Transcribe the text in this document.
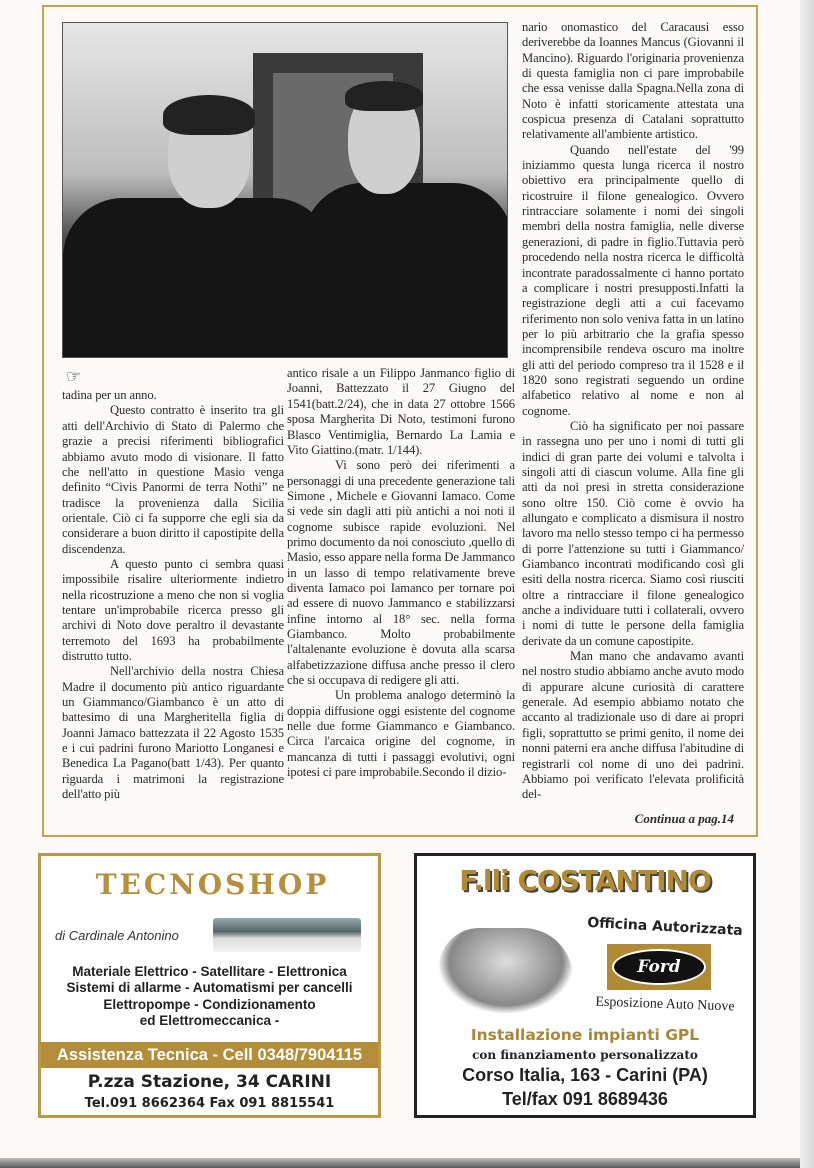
☞

tadina per un anno.

Questo contratto è inserito tra gli atti dell'Archivio di Stato di Palermo che grazie a precisi riferimenti bibliografici abbiamo avuto modo di visionare. Il fatto che nell'atto in questione Masio venga definito “Civis Panormi de terra Nothi” ne tradisce la provenienza dalla Sicilia orientale. Ciò ci fa supporre che egli sia da considerare a buon diritto il capostipite della discendenza.

A questo punto ci sembra quasi impossibile risalire ulteriormente indietro nella ricostruzione a meno che non si voglia tentare un'improbabile ricerca presso gli archivi di Noto dove peraltro il devastante terremoto del 1693 ha probabilmente distrutto tutto.

Nell'archivio della nostra Chiesa Madre il documento più antico riguardante un Giammanco/Giambanco è un atto di battesimo di una Margheritella figlia di Joanni Jamaco battezzata il 22 Agosto 1535 e i cui padrini furono Mariotto Longanesi e Benedica La Pagano(batt 1/43). Per quanto riguarda i matrimoni la registrazione dell'atto più

antico risale a un Filippo Janmanco figlio di Joanni, Battezzato il 27 Giugno del 1541(batt.2/24), che in data 27 ottobre 1566 sposa Margherita Di Noto, testimoni furono Blasco Ventimiglia, Bernardo La Lamia e Vito Giattino.(matr. 1/144).

Vi sono però dei riferimenti a personaggi di una precedente generazione tali Simone , Michele e Giovanni Iamaco. Come si vede sin dagli atti più antichi a noi noti il cognome subisce rapide evoluzioni. Nel primo documento da noi conosciuto ,quello di Masio, esso appare nella forma De Jammanco in un lasso di tempo relativamente breve diventa Iamaco poi Iamanco per tornare poi ad essere di nuovo Jammanco e stabilizzarsi infine intorno al 18° sec. nella forma Giambanco. Molto probabilmente l'altalenante evoluzione è dovuta alla scarsa alfabetizzazione diffusa anche presso il clero che si occupava di redigere gli atti.

Un problema analogo determinò la doppia diffusione oggi esistente del cognome nelle due forme Giammanco e Giambanco. Circa l'arcaica origine del cognome, in mancanza di tutti i passaggi evolutivi, ogni ipotesi ci pare improbabile.Secondo il dizio-

nario onomastico del Caracausi esso deriverebbe da Ioannes Mancus (Giovanni il Mancino). Riguardo l'originaria provenienza di questa famiglia non ci pare improbabile che essa venisse dalla Spagna.Nella zona di Noto è infatti storicamente attestata una cospicua presenza di Catalani soprattutto relativamente all'ambiente artistico.

Quando nell'estate del '99 iniziammo questa lunga ricerca il nostro obiettivo era principalmente quello di ricostruire il filone genealogico. Ovvero rintracciare solamente i nomi dei singoli membri della nostra famiglia, nelle diverse generazioni, di padre in figlio.Tuttavia però procedendo nella nostra ricerca le difficoltà incontrate paradossalmente ci hanno portato a complicare i nostri presupposti.Infatti la registrazione degli atti a cui facevamo riferimento non solo veniva fatta in un latino per lo più arbitrario che la grafia spesso incomprensibile rendeva oscuro ma inoltre gli atti del periodo compreso tra il 1528 e il 1820 sono registrati seguendo un ordine alfabetico relativo al nome e non al cognome.

Ciò ha significato per noi passare in rassegna uno per uno i nomi di tutti gli indici di gran parte dei volumi e talvolta i singoli atti di ciascun volume. Alla fine gli atti da noi presi in stretta considerazione sono oltre 150. Ciò come è ovvio ha allungato e complicato a dismisura il nostro lavoro ma nello stesso tempo ci ha permesso di porre l'attenzione su tutti i Giammanco/ Giambanco incontrati modificando così gli esiti della nostra ricerca. Siamo così riusciti oltre a rintracciare il filone genealogico anche a individuare tutti i collaterali, ovvero i nomi di tutte le persone della famiglia derivate da un comune capostipite.

Man mano che andavamo avanti nel nostro studio abbiamo anche avuto modo di appurare alcune curiosità di carattere generale. Ad esempio abbiamo notato che accanto al tradizionale uso di dare ai propri figli, soprattutto se primi genito, il nome dei nonni paterni era anche diffusa l'abitudine di registrarli col nome di uno dei padrini. Abbiamo poi verificato l'elevata prolificità del-

Continua a pag.14
TECNOSHOP
di Cardinale Antonino
Materiale Elettrico - Satellitare - Elettronica
Sistemi di allarme - Automatismi per cancelli
Elettropompe - Condizionamento
ed Elettromeccanica -
Assistenza Tecnica - Cell 0348/7904115
P.zza Stazione, 34 CARINI
Tel.091 8662364 Fax 091 8815541
F.lli COSTANTINO
Officina Autorizzata
Ford
Esposizione Auto Nuove
Installazione impianti GPL
con finanziamento personalizzato
Corso Italia, 163 - Carini (PA)
Tel/fax 091 8689436
